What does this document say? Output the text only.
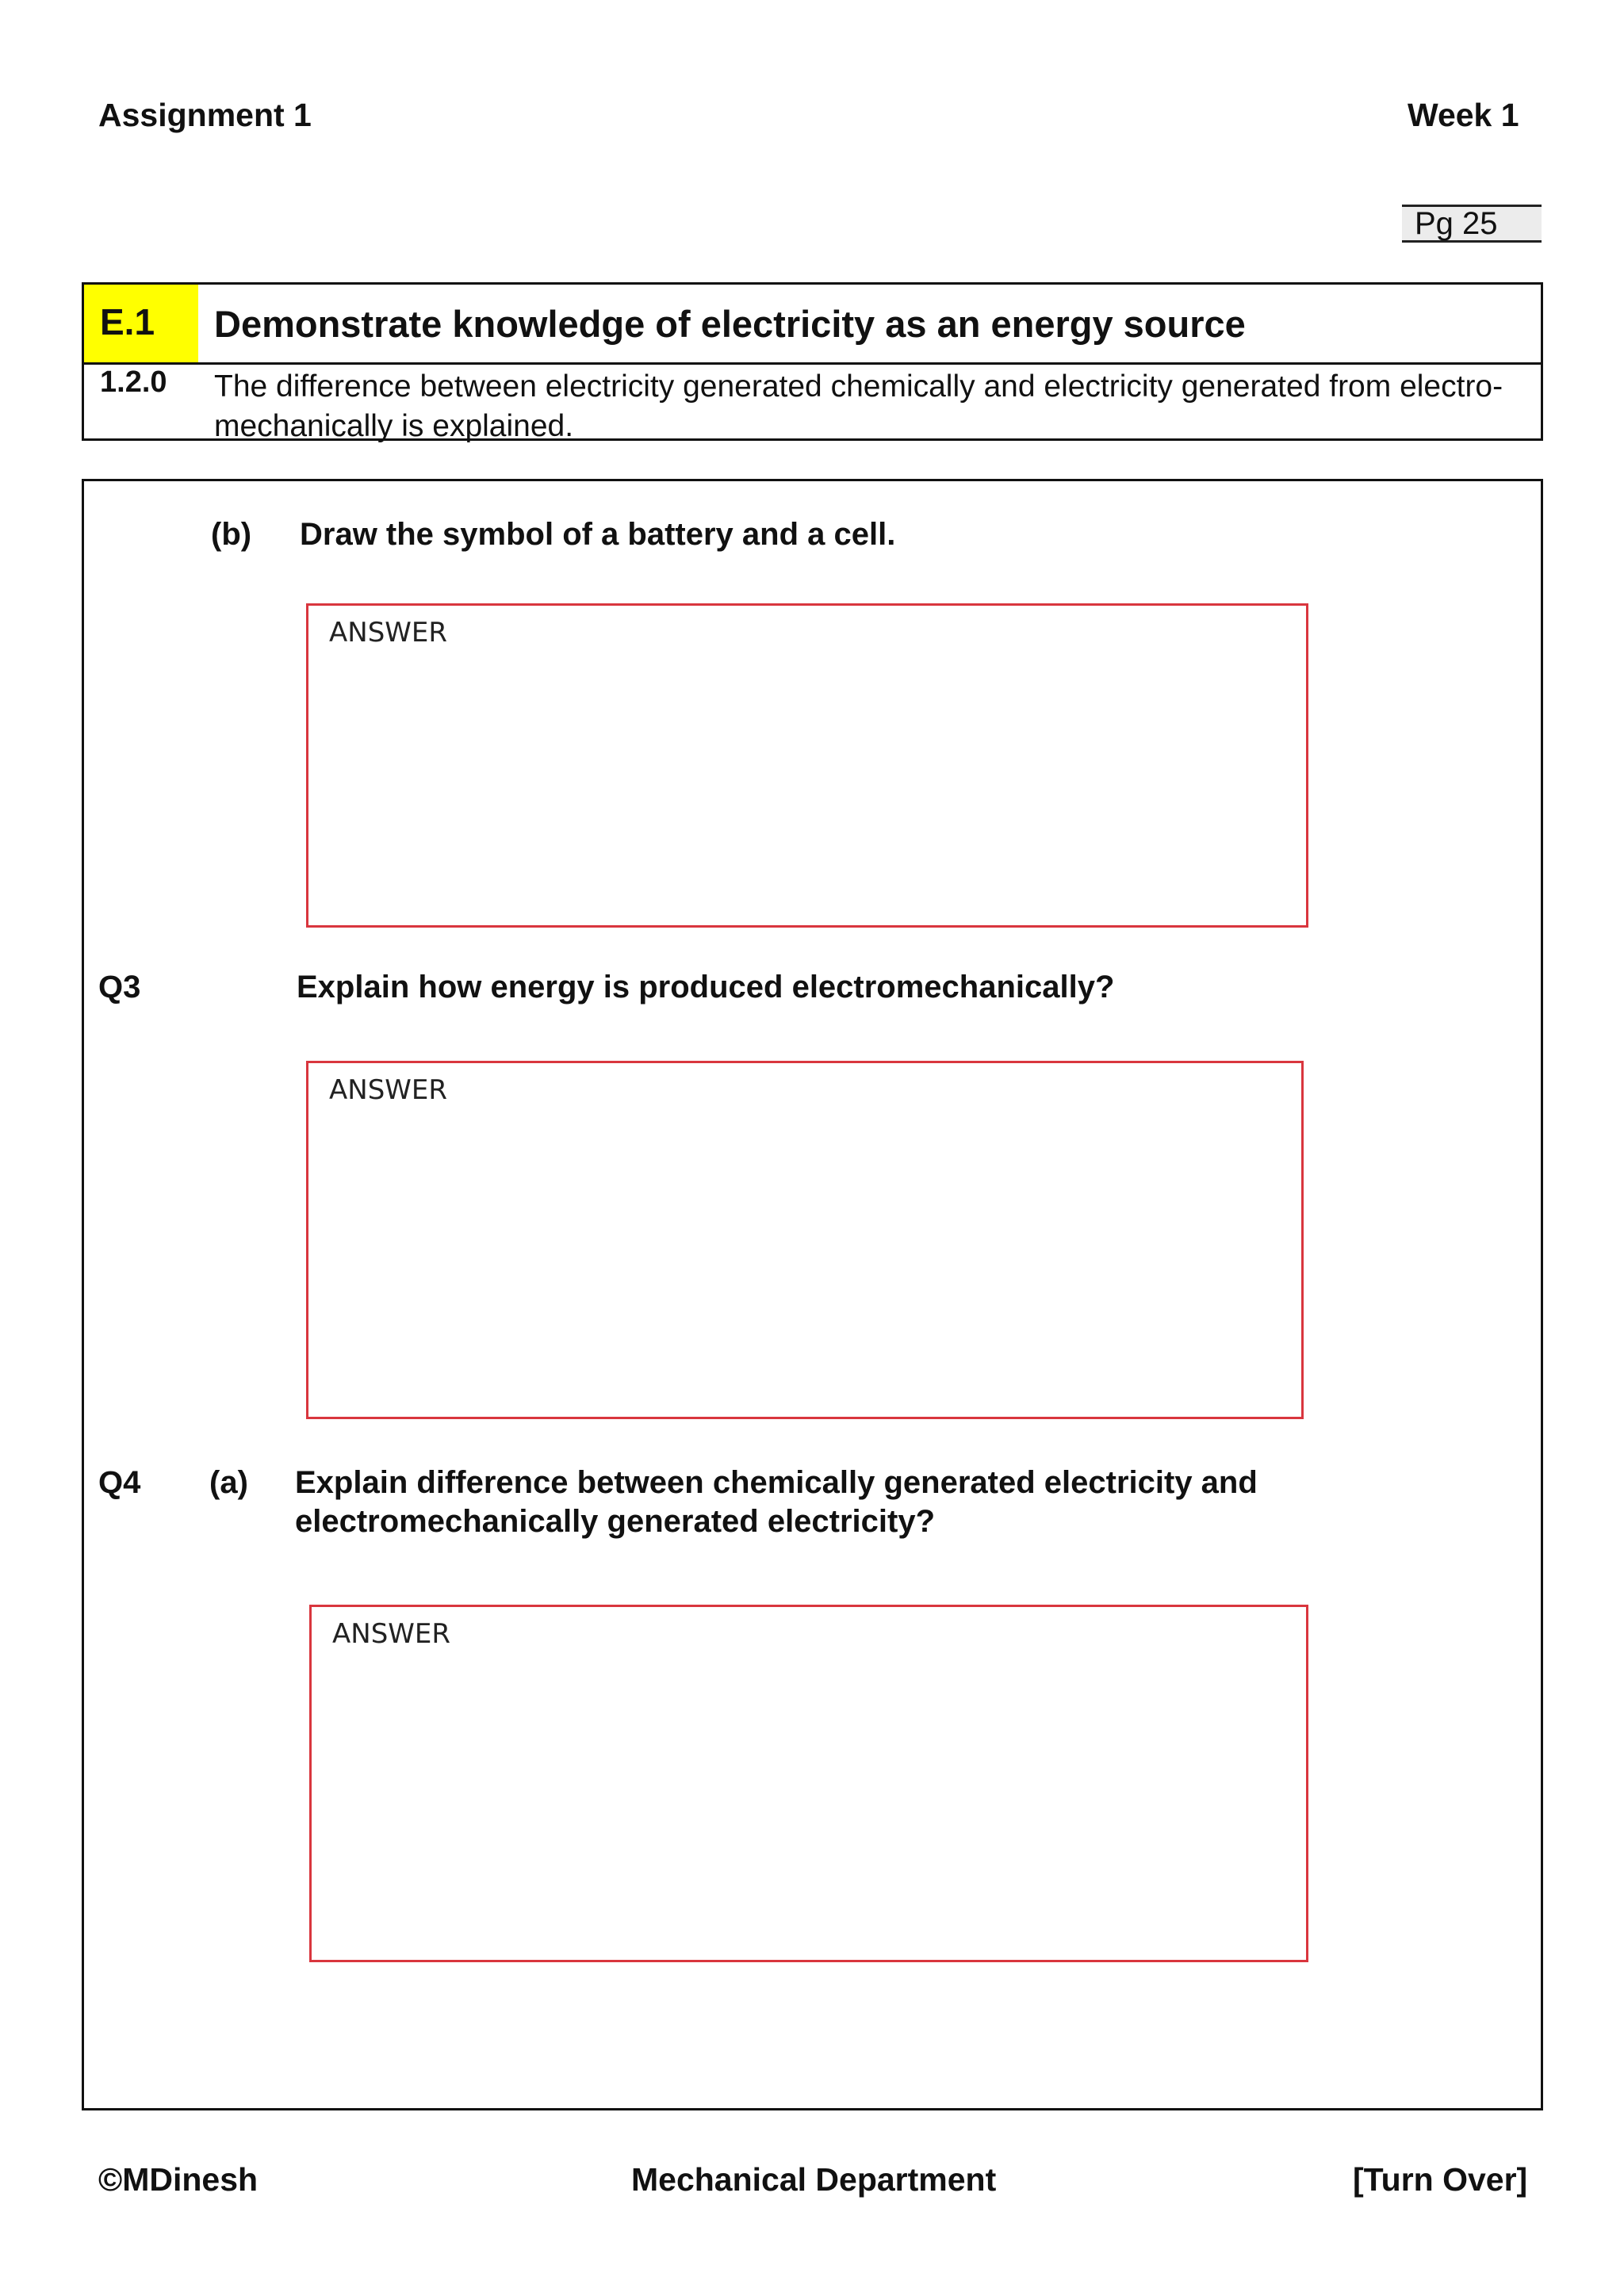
Assignment 1	Week 1
Pg 25
E.1	Demonstrate knowledge of electricity as an energy source
1.2.0 The difference between electricity generated chemically and electricity generated from electro-mechanically is explained.
(b) Draw the symbol of a battery and a cell.
ANSWER
Q3	Explain how energy is produced electromechanically?
ANSWER
Q4 (a) Explain difference between chemically generated electricity and
electromechanically generated electricity?
ANSWER
©MDinesh	Mechanical Department	[Turn Over]
